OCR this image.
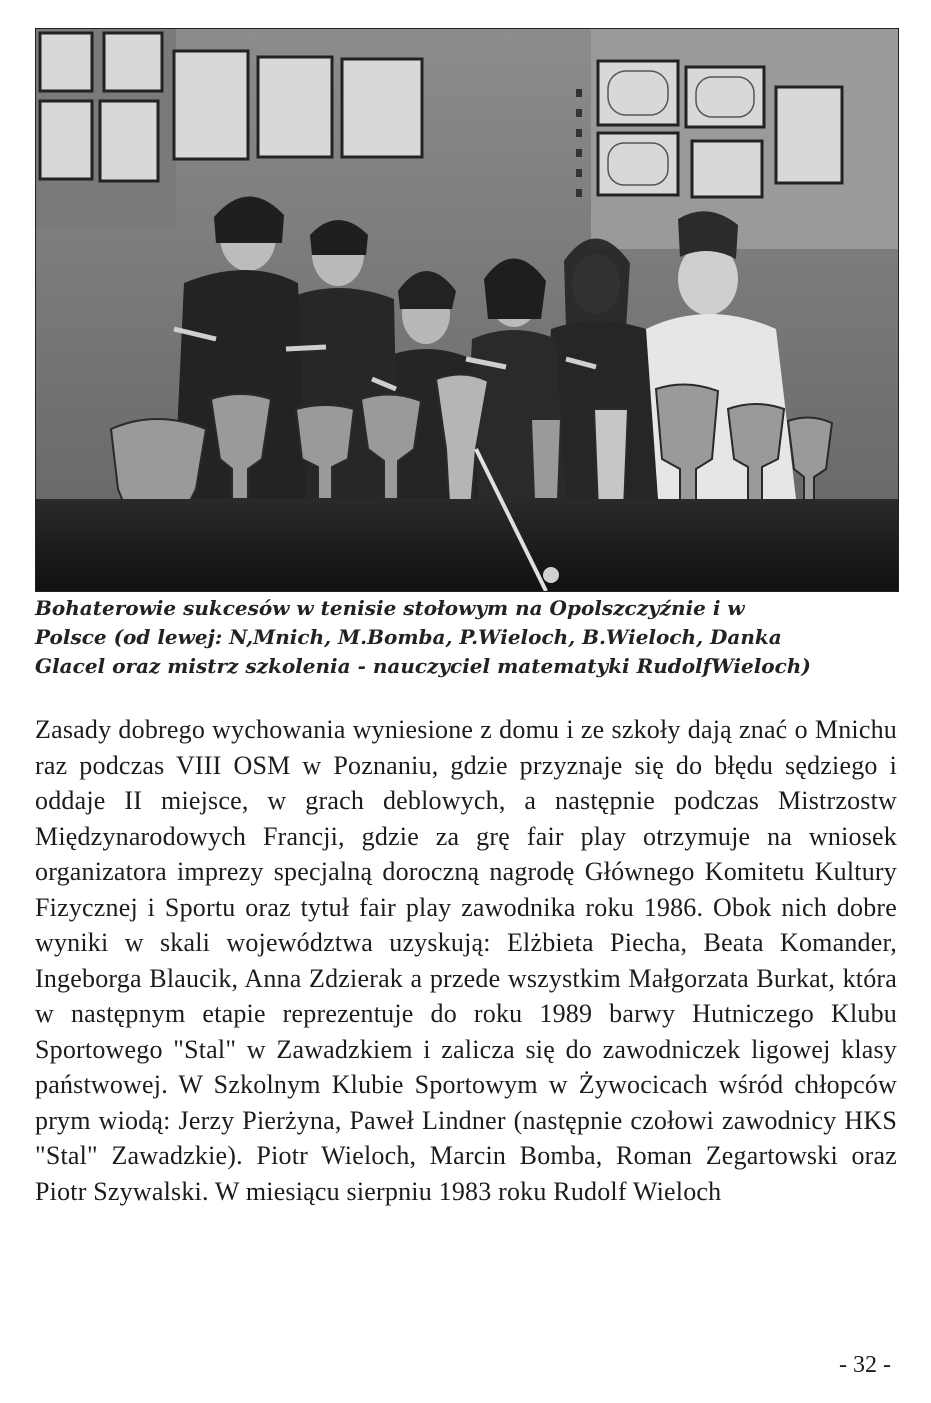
Bohaterowie sukcesów w tenisie stołowym na Opolszczyźnie i w
Polsce (od lewej: N,Mnich, M.Bomba, P.Wieloch, B.Wieloch, Danka
Glacel oraz mistrz szkolenia - nauczyciel matematyki RudolfWieloch)

Zasady dobrego wychowania wyniesione z domu i ze szkoły dają znać o Mnichu raz podczas VIII OSM w Poznaniu, gdzie przyznaje się do błędu sędziego i oddaje II miejsce, w grach deblowych, a następnie podczas Mistrzostw Międzynarodowych Francji, gdzie za grę fair play otrzymuje na wniosek organizatora imprezy specjalną doroczną nagrodę Głównego Komitetu Kultury Fizycznej i Sportu oraz tytuł fair play zawodnika roku 1986. Obok nich dobre wyniki w skali województwa uzyskują: Elżbieta Piecha, Beata Komander, Ingeborga Blaucik, Anna Zdzierak a przede wszystkim Małgorzata Burkat, która w następnym etapie reprezentuje do roku 1989 barwy Hutniczego Klubu Sportowego "Stal" w Zawadzkiem i zalicza się do zawodniczek ligowej klasy państwowej. W Szkolnym Klubie Sportowym w Żywocicach wśród chłopców prym wiodą: Jerzy Pierżyna, Paweł Lindner (następnie czołowi zawodnicy HKS "Stal" Zawadzkie). Piotr Wieloch, Marcin Bomba, Roman Zegartowski oraz Piotr Szywalski. W miesiącu sierpniu 1983 roku Rudolf Wieloch

- 32 -
